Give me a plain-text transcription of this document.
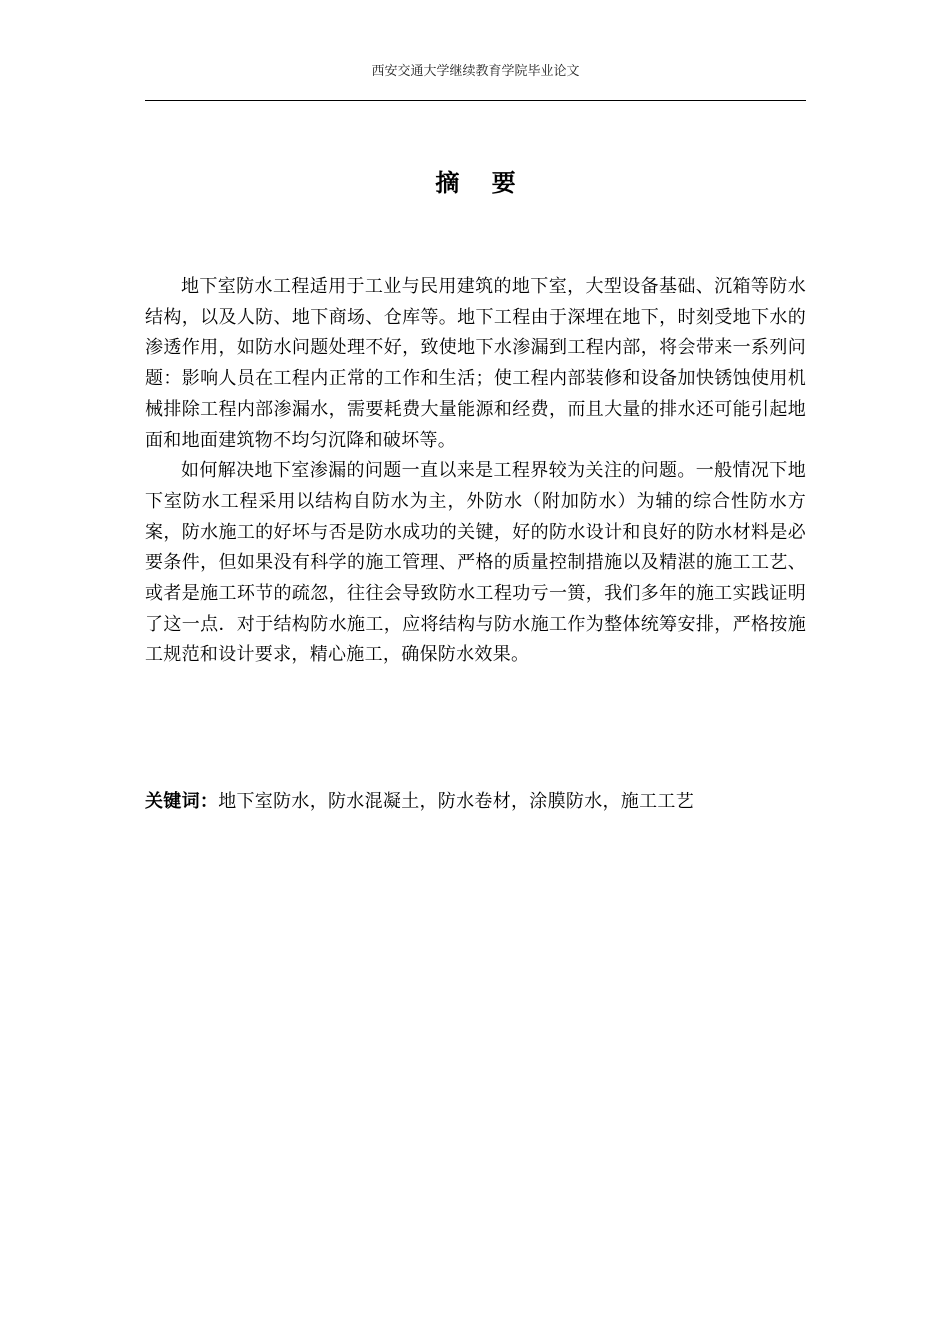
西安交通大学继续教育学院毕业论文
摘 要

地下室防水工程适用于工业与民用建筑的地下室，大型设备基础、沉箱等防水结构，以及人防、地下商场、仓库等。地下工程由于深埋在地下，时刻受地下水的渗透作用，如防水问题处理不好，致使地下水渗漏到工程内部，将会带来一系列问题：影响人员在工程内正常的工作和生活；使工程内部装修和设备加快锈蚀使用机械排除工程内部渗漏水，需要耗费大量能源和经费，而且大量的排水还可能引起地面和地面建筑物不均匀沉降和破坏等。

如何解决地下室渗漏的问题一直以来是工程界较为关注的问题。一般情况下地下室防水工程采用以结构自防水为主，外防水（附加防水）为辅的综合性防水方案，防水施工的好坏与否是防水成功的关键，好的防水设计和良好的防水材料是必要条件，但如果没有科学的施工管理、严格的质量控制措施以及精湛的施工工艺、或者是施工环节的疏忽，往往会导致防水工程功亏一篑，我们多年的施工实践证明了这一点．对于结构防水施工，应将结构与防水施工作为整体统筹安排，严格按施工规范和设计要求，精心施工，确保防水效果。

关键词：地下室防水，防水混凝土，防水卷材，涂膜防水，施工工艺
